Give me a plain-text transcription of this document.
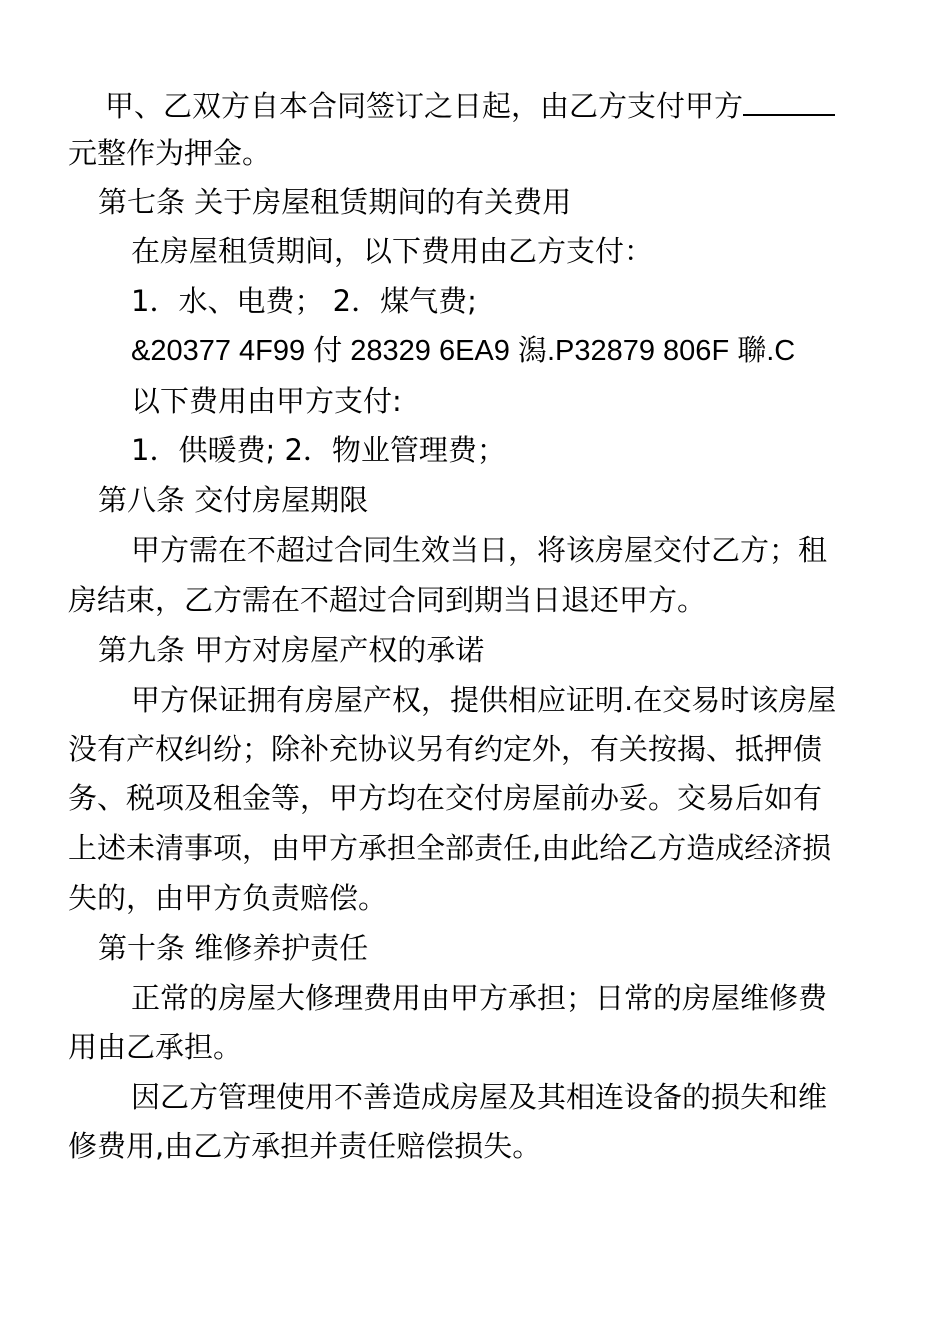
甲、乙双方自本合同签订之日起，由乙方支付甲方
元整作为押金。
第七条 关于房屋租赁期间的有关费用
在房屋租赁期间，以下费用由乙方支付：
1．水、电费； 2．煤气费;
&20377 4F99 付 28329 6EA9 潟.P32879 806F 聯.C
以下费用由甲方支付:
1．供暖费; 2．物业管理费；
第八条 交付房屋期限
甲方需在不超过合同生效当日，将该房屋交付乙方；租
房结束，乙方需在不超过合同到期当日退还甲方。
第九条 甲方对房屋产权的承诺
甲方保证拥有房屋产权，提供相应证明.在交易时该房屋
没有产权纠纷；除补充协议另有约定外，有关按揭、抵押债
务、税项及租金等，甲方均在交付房屋前办妥。交易后如有
上述未清事项，由甲方承担全部责任,由此给乙方造成经济损
失的，由甲方负责赔偿。
第十条 维修养护责任
正常的房屋大修理费用由甲方承担；日常的房屋维修费
用由乙承担。
因乙方管理使用不善造成房屋及其相连设备的损失和维
修费用,由乙方承担并责任赔偿损失。
